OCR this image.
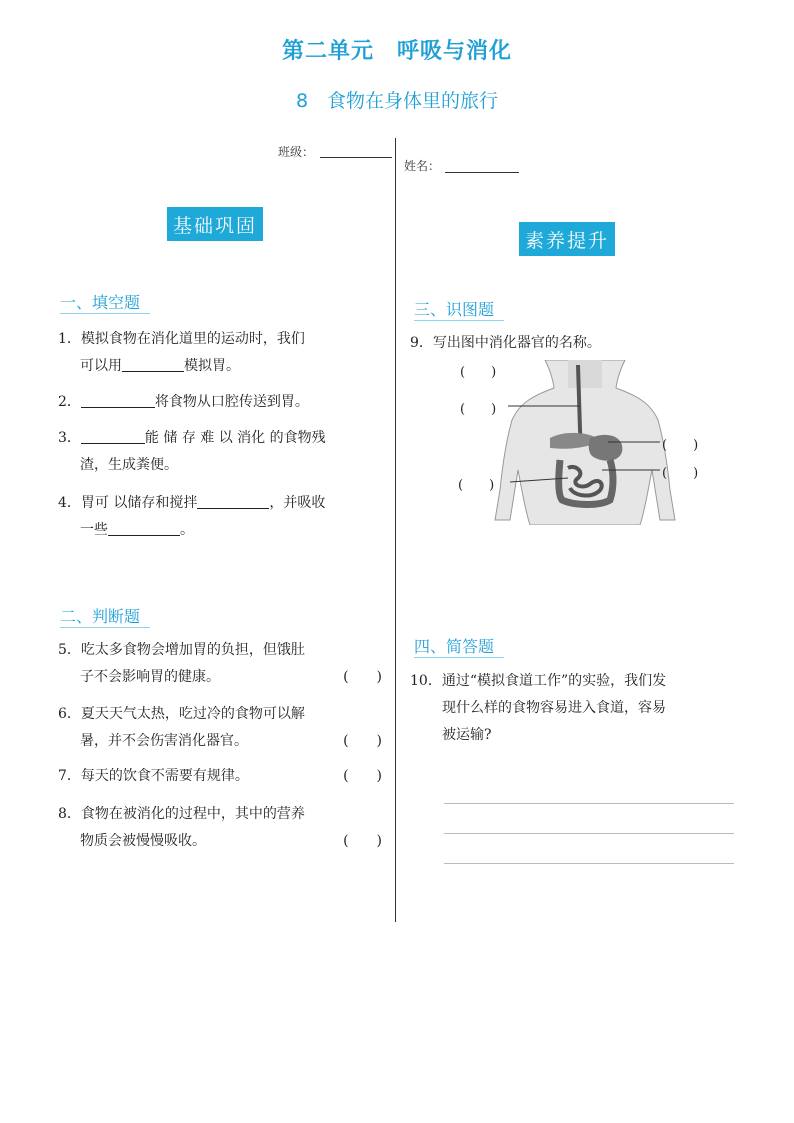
第二单元　呼吸与消化
8　食物在身体里的旅行
班级：
姓名：
基础巩固
素养提升
一、填空题
1．模拟食物在消化道里的运动时，我们
可以用	模拟胃。
2．	将食物从口腔传送到胃。
3．	能 储 存 难 以 消化 的食物残
渣，生成粪便。
4．胃可 以储存和搅拌	，并吸收
一些	。
二、判断题
5．吃太多食物会增加胃的负担，但饿肚
子不会影响胃的健康。	(　　)
6．夏天天气太热，吃过冷的食物可以解
暑，并不会伤害消化器官。	(　　)
7．每天的饮食不需要有规律。	(　　)
8．食物在被消化的过程中，其中的营养
物质会被慢慢吸收。	(　　)
三、识图题
9．写出图中消化器官的名称。
(　　)
(　　)
(　　)
(　　)
(　　)
四、简答题
10．通过“模拟食道工作”的实验，我们发
现什么样的食物容易进入食道，容易
被运输?
